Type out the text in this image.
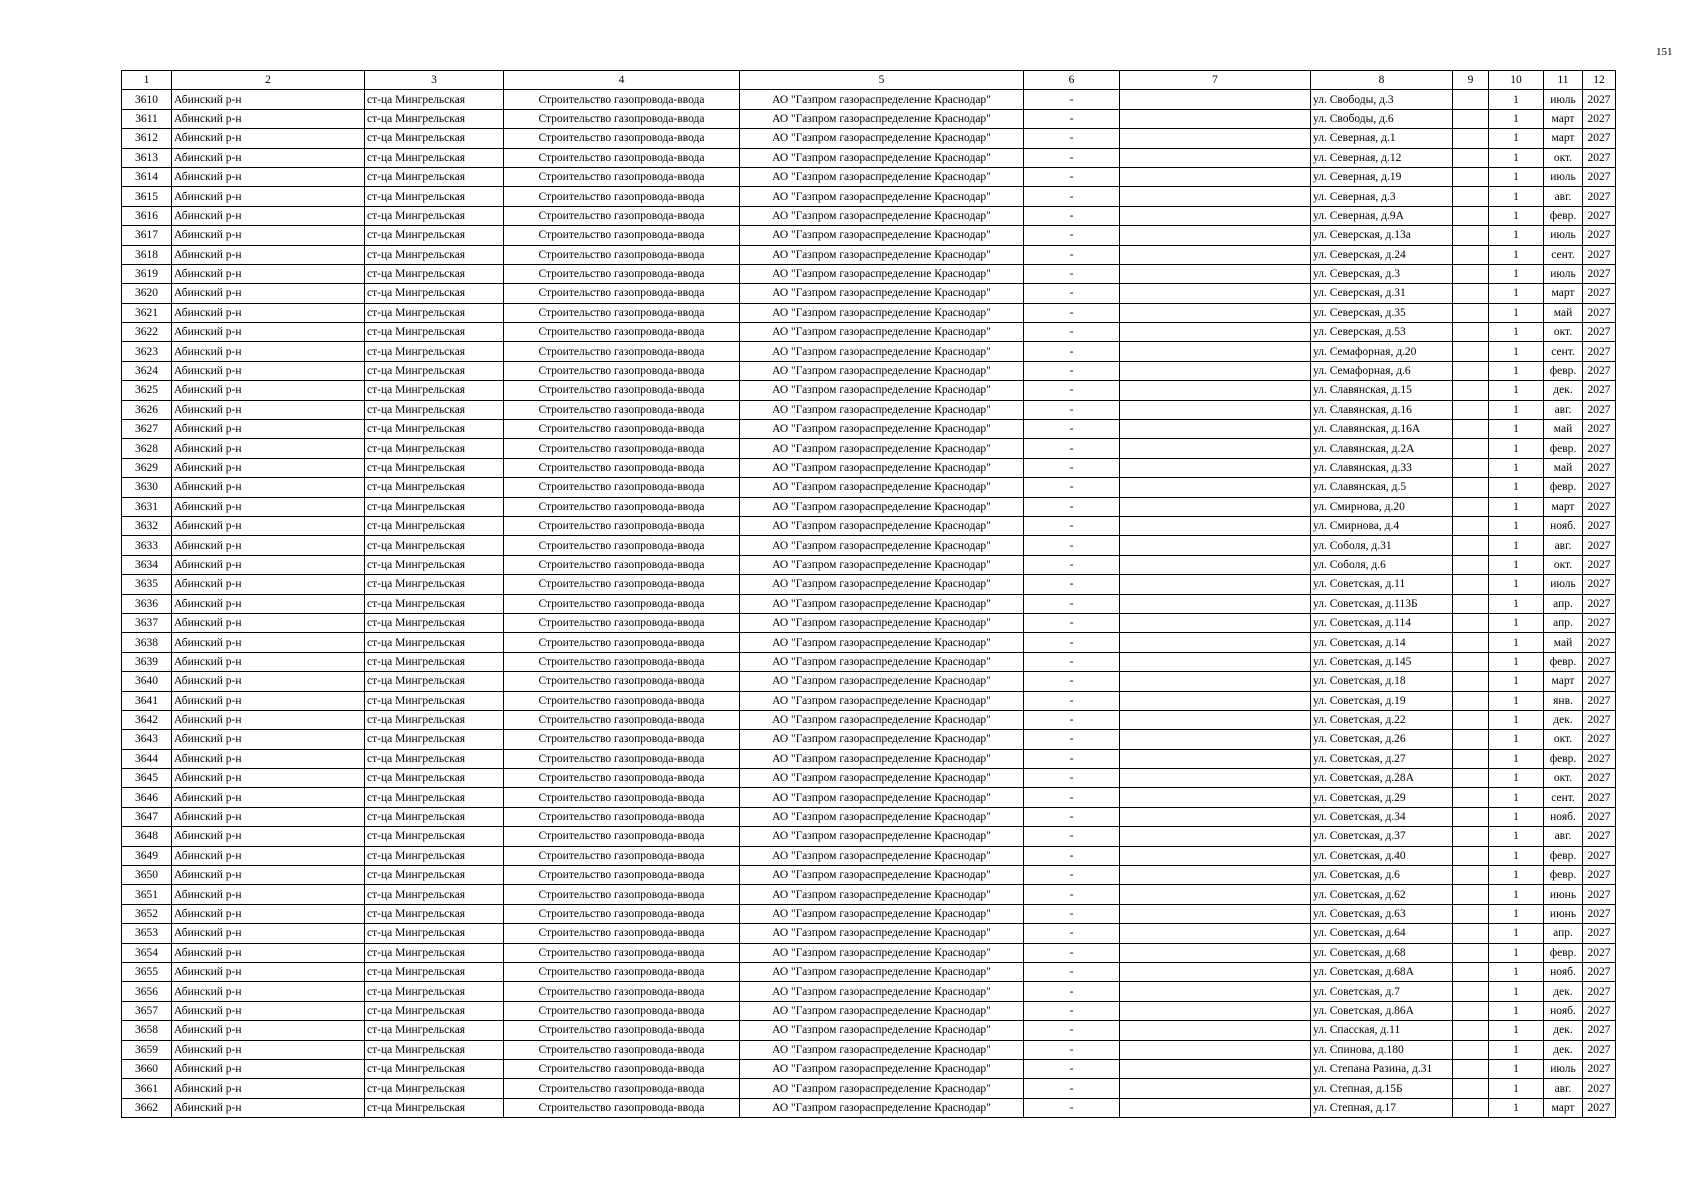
151
1	2	3	4	5	6	7	8	9	10	11	12
3610	Абинский р-н	ст-ца Мингрельская	Строительство газопровода-ввода	АО "Газпром газораспределение Краснодар"	-		ул. Свободы, д.3		1	июль	2027
3611	Абинский р-н	ст-ца Мингрельская	Строительство газопровода-ввода	АО "Газпром газораспределение Краснодар"	-		ул. Свободы, д.6		1	март	2027
3612	Абинский р-н	ст-ца Мингрельская	Строительство газопровода-ввода	АО "Газпром газораспределение Краснодар"	-		ул. Северная, д.1		1	март	2027
3613	Абинский р-н	ст-ца Мингрельская	Строительство газопровода-ввода	АО "Газпром газораспределение Краснодар"	-		ул. Северная, д.12		1	окт.	2027
3614	Абинский р-н	ст-ца Мингрельская	Строительство газопровода-ввода	АО "Газпром газораспределение Краснодар"	-		ул. Северная, д.19		1	июль	2027
3615	Абинский р-н	ст-ца Мингрельская	Строительство газопровода-ввода	АО "Газпром газораспределение Краснодар"	-		ул. Северная, д.3		1	авг.	2027
3616	Абинский р-н	ст-ца Мингрельская	Строительство газопровода-ввода	АО "Газпром газораспределение Краснодар"	-		ул. Северная, д.9А		1	февр.	2027
3617	Абинский р-н	ст-ца Мингрельская	Строительство газопровода-ввода	АО "Газпром газораспределение Краснодар"	-		ул. Северская, д.13а		1	июль	2027
3618	Абинский р-н	ст-ца Мингрельская	Строительство газопровода-ввода	АО "Газпром газораспределение Краснодар"	-		ул. Северская, д.24		1	сент.	2027
3619	Абинский р-н	ст-ца Мингрельская	Строительство газопровода-ввода	АО "Газпром газораспределение Краснодар"	-		ул. Северская, д.3		1	июль	2027
3620	Абинский р-н	ст-ца Мингрельская	Строительство газопровода-ввода	АО "Газпром газораспределение Краснодар"	-		ул. Северская, д.31		1	март	2027
3621	Абинский р-н	ст-ца Мингрельская	Строительство газопровода-ввода	АО "Газпром газораспределение Краснодар"	-		ул. Северская, д.35		1	май	2027
3622	Абинский р-н	ст-ца Мингрельская	Строительство газопровода-ввода	АО "Газпром газораспределение Краснодар"	-		ул. Северская, д.53		1	окт.	2027
3623	Абинский р-н	ст-ца Мингрельская	Строительство газопровода-ввода	АО "Газпром газораспределение Краснодар"	-		ул. Семафорная, д.20		1	сент.	2027
3624	Абинский р-н	ст-ца Мингрельская	Строительство газопровода-ввода	АО "Газпром газораспределение Краснодар"	-		ул. Семафорная, д.6		1	февр.	2027
3625	Абинский р-н	ст-ца Мингрельская	Строительство газопровода-ввода	АО "Газпром газораспределение Краснодар"	-		ул. Славянская, д.15		1	дек.	2027
3626	Абинский р-н	ст-ца Мингрельская	Строительство газопровода-ввода	АО "Газпром газораспределение Краснодар"	-		ул. Славянская, д.16		1	авг.	2027
3627	Абинский р-н	ст-ца Мингрельская	Строительство газопровода-ввода	АО "Газпром газораспределение Краснодар"	-		ул. Славянская, д.16А		1	май	2027
3628	Абинский р-н	ст-ца Мингрельская	Строительство газопровода-ввода	АО "Газпром газораспределение Краснодар"	-		ул. Славянская, д.2А		1	февр.	2027
3629	Абинский р-н	ст-ца Мингрельская	Строительство газопровода-ввода	АО "Газпром газораспределение Краснодар"	-		ул. Славянская, д.33		1	май	2027
3630	Абинский р-н	ст-ца Мингрельская	Строительство газопровода-ввода	АО "Газпром газораспределение Краснодар"	-		ул. Славянская, д.5		1	февр.	2027
3631	Абинский р-н	ст-ца Мингрельская	Строительство газопровода-ввода	АО "Газпром газораспределение Краснодар"	-		ул. Смирнова, д.20		1	март	2027
3632	Абинский р-н	ст-ца Мингрельская	Строительство газопровода-ввода	АО "Газпром газораспределение Краснодар"	-		ул. Смирнова, д.4		1	нояб.	2027
3633	Абинский р-н	ст-ца Мингрельская	Строительство газопровода-ввода	АО "Газпром газораспределение Краснодар"	-		ул. Соболя, д.31		1	авг.	2027
3634	Абинский р-н	ст-ца Мингрельская	Строительство газопровода-ввода	АО "Газпром газораспределение Краснодар"	-		ул. Соболя, д.6		1	окт.	2027
3635	Абинский р-н	ст-ца Мингрельская	Строительство газопровода-ввода	АО "Газпром газораспределение Краснодар"	-		ул. Советская, д.11		1	июль	2027
3636	Абинский р-н	ст-ца Мингрельская	Строительство газопровода-ввода	АО "Газпром газораспределение Краснодар"	-		ул. Советская, д.113Б		1	апр.	2027
3637	Абинский р-н	ст-ца Мингрельская	Строительство газопровода-ввода	АО "Газпром газораспределение Краснодар"	-		ул. Советская, д.114		1	апр.	2027
3638	Абинский р-н	ст-ца Мингрельская	Строительство газопровода-ввода	АО "Газпром газораспределение Краснодар"	-		ул. Советская, д.14		1	май	2027
3639	Абинский р-н	ст-ца Мингрельская	Строительство газопровода-ввода	АО "Газпром газораспределение Краснодар"	-		ул. Советская, д.145		1	февр.	2027
3640	Абинский р-н	ст-ца Мингрельская	Строительство газопровода-ввода	АО "Газпром газораспределение Краснодар"	-		ул. Советская, д.18		1	март	2027
3641	Абинский р-н	ст-ца Мингрельская	Строительство газопровода-ввода	АО "Газпром газораспределение Краснодар"	-		ул. Советская, д.19		1	янв.	2027
3642	Абинский р-н	ст-ца Мингрельская	Строительство газопровода-ввода	АО "Газпром газораспределение Краснодар"	-		ул. Советская, д.22		1	дек.	2027
3643	Абинский р-н	ст-ца Мингрельская	Строительство газопровода-ввода	АО "Газпром газораспределение Краснодар"	-		ул. Советская, д.26		1	окт.	2027
3644	Абинский р-н	ст-ца Мингрельская	Строительство газопровода-ввода	АО "Газпром газораспределение Краснодар"	-		ул. Советская, д.27		1	февр.	2027
3645	Абинский р-н	ст-ца Мингрельская	Строительство газопровода-ввода	АО "Газпром газораспределение Краснодар"	-		ул. Советская, д.28А		1	окт.	2027
3646	Абинский р-н	ст-ца Мингрельская	Строительство газопровода-ввода	АО "Газпром газораспределение Краснодар"	-		ул. Советская, д.29		1	сент.	2027
3647	Абинский р-н	ст-ца Мингрельская	Строительство газопровода-ввода	АО "Газпром газораспределение Краснодар"	-		ул. Советская, д.34		1	нояб.	2027
3648	Абинский р-н	ст-ца Мингрельская	Строительство газопровода-ввода	АО "Газпром газораспределение Краснодар"	-		ул. Советская, д.37		1	авг.	2027
3649	Абинский р-н	ст-ца Мингрельская	Строительство газопровода-ввода	АО "Газпром газораспределение Краснодар"	-		ул. Советская, д.40		1	февр.	2027
3650	Абинский р-н	ст-ца Мингрельская	Строительство газопровода-ввода	АО "Газпром газораспределение Краснодар"	-		ул. Советская, д.6		1	февр.	2027
3651	Абинский р-н	ст-ца Мингрельская	Строительство газопровода-ввода	АО "Газпром газораспределение Краснодар"	-		ул. Советская, д.62		1	июнь	2027
3652	Абинский р-н	ст-ца Мингрельская	Строительство газопровода-ввода	АО "Газпром газораспределение Краснодар"	-		ул. Советская, д.63		1	июнь	2027
3653	Абинский р-н	ст-ца Мингрельская	Строительство газопровода-ввода	АО "Газпром газораспределение Краснодар"	-		ул. Советская, д.64		1	апр.	2027
3654	Абинский р-н	ст-ца Мингрельская	Строительство газопровода-ввода	АО "Газпром газораспределение Краснодар"	-		ул. Советская, д.68		1	февр.	2027
3655	Абинский р-н	ст-ца Мингрельская	Строительство газопровода-ввода	АО "Газпром газораспределение Краснодар"	-		ул. Советская, д.68А		1	нояб.	2027
3656	Абинский р-н	ст-ца Мингрельская	Строительство газопровода-ввода	АО "Газпром газораспределение Краснодар"	-		ул. Советская, д.7		1	дек.	2027
3657	Абинский р-н	ст-ца Мингрельская	Строительство газопровода-ввода	АО "Газпром газораспределение Краснодар"	-		ул. Советская, д.86А		1	нояб.	2027
3658	Абинский р-н	ст-ца Мингрельская	Строительство газопровода-ввода	АО "Газпром газораспределение Краснодар"	-		ул. Спасская, д.11		1	дек.	2027
3659	Абинский р-н	ст-ца Мингрельская	Строительство газопровода-ввода	АО "Газпром газораспределение Краснодар"	-		ул. Спинова, д.180		1	дек.	2027
3660	Абинский р-н	ст-ца Мингрельская	Строительство газопровода-ввода	АО "Газпром газораспределение Краснодар"	-		ул. Степана Разина, д.31		1	июль	2027
3661	Абинский р-н	ст-ца Мингрельская	Строительство газопровода-ввода	АО "Газпром газораспределение Краснодар"	-		ул. Степная, д.15Б		1	авг.	2027
3662	Абинский р-н	ст-ца Мингрельская	Строительство газопровода-ввода	АО "Газпром газораспределение Краснодар"	-		ул. Степная, д.17		1	март	2027
